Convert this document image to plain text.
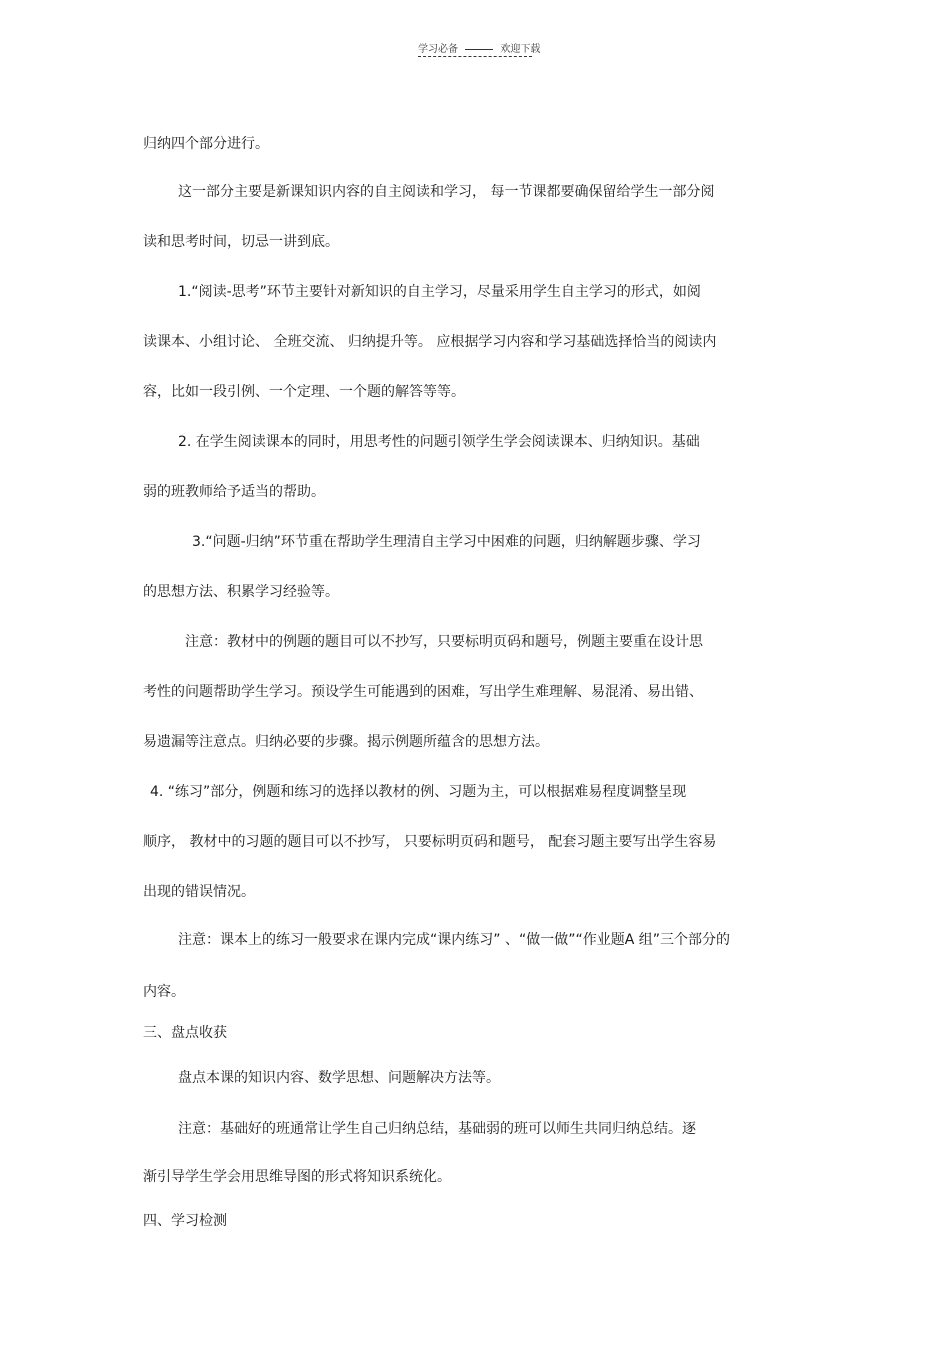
学习必备	欢迎下载
归纳四个部分进行。
这一部分主要是新课知识内容的自主阅读和学习， 每一节课都要确保留给学生一部分阅
读和思考时间，切忌一讲到底。
1.“阅读-思考”环节主要针对新知识的自主学习，尽量采用学生自主学习的形式，如阅
读课本、小组讨论、 全班交流、 归纳提升等。 应根据学习内容和学习基础选择恰当的阅读内
容，比如一段引例、一个定理、一个题的解答等等。
2. 在学生阅读课本的同时，用思考性的问题引领学生学会阅读课本、归纳知识。基础
弱的班教师给予适当的帮助。
3.“问题-归纳”环节重在帮助学生理清自主学习中困难的问题，归纳解题步骤、学习
的思想方法、积累学习经验等。
注意：教材中的例题的题目可以不抄写，只要标明页码和题号，例题主要重在设计思
考性的问题帮助学生学习。预设学生可能遇到的困难，写出学生难理解、易混淆、易出错、
易遗漏等注意点。归纳必要的步骤。揭示例题所蕴含的思想方法。
4. “练习”部分，例题和练习的选择以教材的例、习题为主，可以根据难易程度调整呈现
顺序， 教材中的习题的题目可以不抄写， 只要标明页码和题号， 配套习题主要写出学生容易
出现的错误情况。
注意：课本上的练习一般要求在课内完成“课内练习” 、“做一做”“作业题A 组”三个部分的
内容。
三、盘点收获
盘点本课的知识内容、数学思想、问题解决方法等。
注意：基础好的班通常让学生自己归纳总结，基础弱的班可以师生共同归纳总结。逐
渐引导学生学会用思维导图的形式将知识系统化。
四、学习检测
